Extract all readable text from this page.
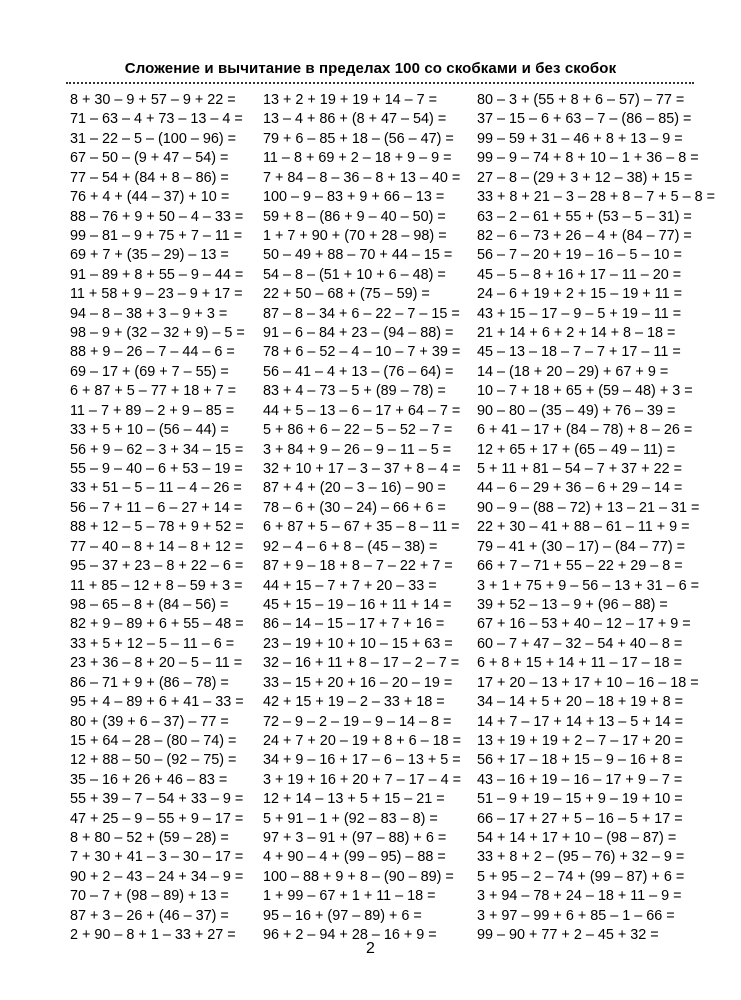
Сложение и вычитание в пределах 100 со скобками и без скобок
8 + 30 – 9 + 57 – 9 + 22 =
71 – 63 – 4 + 73 – 13 – 4 =
31 – 22 – 5 – (100 – 96) =
67 – 50 – (9 + 47 – 54) =
77 – 54 + (84 + 8 – 86) =
76 + 4 + (44 – 37) + 10 =
88 – 76 + 9 + 50 – 4 – 33 =
99 – 81 – 9 + 75 + 7 – 11 =
69 + 7 + (35 – 29) – 13 =
91 – 89 + 8 + 55 – 9 – 44 =
11 + 58 + 9 – 23 – 9 + 17 =
94 – 8 – 38 + 3 – 9 + 3 =
98 – 9 + (32 – 32 + 9) – 5 =
88 + 9 – 26 – 7 – 44 – 6 =
69 – 17 + (69 + 7 – 55) =
6 + 87 + 5 – 77 + 18 + 7 =
11 – 7 + 89 – 2 + 9 – 85 =
33 + 5 + 10 – (56 – 44) =
56 + 9 – 62 – 3 + 34 – 15 =
55 – 9 – 40 – 6 + 53 – 19 =
33 + 51 – 5 – 11 – 4 – 26 =
56 – 7 + 11 – 6 – 27 + 14 =
88 + 12 – 5 – 78 + 9 + 52 =
77 – 40 – 8 + 14 – 8 + 12 =
95 – 37 + 23 – 8 + 22 – 6 =
11 + 85 – 12 + 8 – 59 + 3 =
98 – 65 – 8 + (84 – 56) =
82 + 9 – 89 + 6 + 55 – 48 =
33 + 5 + 12 – 5 – 11 – 6 =
23 + 36 – 8 + 20 – 5 – 11 =
86 – 71 + 9 + (86 – 78) =
95 + 4 – 89 + 6 + 41 – 33 =
80 + (39 + 6 – 37) – 77 =
15 + 64 – 28 – (80 – 74) =
12 + 88 – 50 – (92 – 75) =
35 – 16 + 26 + 46 – 83 =
55 + 39 – 7 – 54 + 33 – 9 =
47 + 25 – 9 – 55 + 9 – 17 =
8 + 80 – 52 + (59 – 28) =
7 + 30 + 41 – 3 – 30 – 17 =
90 + 2 – 43 – 24 + 34 – 9 =
70 – 7 + (98 – 89) + 13 =
87 + 3 – 26 + (46 – 37) =
2 + 90 – 8 + 1 – 33 + 27 =
13 + 2 + 19 + 19 + 14 – 7 =
13 – 4 + 86 + (8 + 47 – 54) =
79 + 6 – 85 + 18 – (56 – 47) =
11 – 8 + 69 + 2 – 18 + 9 – 9 =
7 + 84 – 8 – 36 – 8 + 13 – 40 =
100 – 9 – 83 + 9 + 66 – 13 =
59 + 8 – (86 + 9 – 40 – 50) =
1 + 7 + 90 + (70 + 28 – 98) =
50 – 49 + 88 – 70 + 44 – 15 =
54 – 8 – (51 + 10 + 6 – 48) =
22 + 50 – 68 + (75 – 59) =
87 – 8 – 34 + 6 – 22 – 7 – 15 =
91 – 6 – 84 + 23 – (94 – 88) =
78 + 6 – 52 – 4 – 10 – 7 + 39 =
56 – 41 – 4 + 13 – (76 – 64) =
83 + 4 – 73 – 5 + (89 – 78) =
44 + 5 – 13 – 6 – 17 + 64 – 7 =
5 + 86 + 6 – 22 – 5 – 52 – 7 =
3 + 84 + 9 – 26 – 9 – 11 – 5 =
32 + 10 + 17 – 3 – 37 + 8 – 4 =
87 + 4 + (20 – 3 – 16) – 90 =
78 – 6 + (30 – 24) – 66 + 6 =
6 + 87 + 5 – 67 + 35 – 8 – 11 =
92 – 4 – 6 + 8 – (45 – 38) =
87 + 9 – 18 + 8 – 7 – 22 + 7 =
44 + 15 – 7 + 7 + 20 – 33 =
45 + 15 – 19 – 16 + 11 + 14 =
86 – 14 – 15 – 17 + 7 + 16 =
23 – 19 + 10 + 10 – 15 + 63 =
32 – 16 + 11 + 8 – 17 – 2 – 7 =
33 – 15 + 20 + 16 – 20 – 19 =
42 + 15 + 19 – 2 – 33 + 18 =
72 – 9 – 2 – 19 – 9 – 14 – 8 =
24 + 7 + 20 – 19 + 8 + 6 – 18 =
34 + 9 – 16 + 17 – 6 – 13 + 5 =
3 + 19 + 16 + 20 + 7 – 17 – 4 =
12 + 14 – 13 + 5 + 15 – 21 =
5 + 91 – 1 + (92 – 83 – 8) =
97 + 3 – 91 + (97 – 88) + 6 =
4 + 90 – 4 + (99 – 95) – 88 =
100 – 88 + 9 + 8 – (90 – 89) =
1 + 99 – 67 + 1 + 11 – 18 =
95 – 16 + (97 – 89) + 6 =
96 + 2 – 94 + 28 – 16 + 9 =
80 – 3 + (55 + 8 + 6 – 57) – 77 =
37 – 15 – 6 + 63 – 7 – (86 – 85) =
99 – 59 + 31 – 46 + 8 + 13 – 9 =
99 – 9 – 74 + 8 + 10 – 1 + 36 – 8 =
27 – 8 – (29 + 3 + 12 – 38) + 15 =
33 + 8 + 21 – 3 – 28 + 8 – 7 + 5 – 8 =
63 – 2 – 61 + 55 + (53 – 5 – 31) =
82 – 6 – 73 + 26 – 4 + (84 – 77) =
56 – 7 – 20 + 19 – 16 – 5 – 10 =
45 – 5 – 8 + 16 + 17 – 11 – 20 =
24 – 6 + 19 + 2 + 15 – 19 + 11 =
43 + 15 – 17 – 9 – 5 + 19 – 11 =
21 + 14 + 6 + 2 + 14 + 8 – 18 =
45 – 13 – 18 – 7 – 7 + 17 – 11 =
14 – (18 + 20 – 29) + 67 + 9 =
10 – 7 + 18 + 65 + (59 – 48) + 3 =
90 – 80 – (35 – 49) + 76 – 39 =
6 + 41 – 17 + (84 – 78) + 8 – 26 =
12 + 65 + 17 + (65 – 49 – 11) =
5 + 11 + 81 – 54 – 7 + 37 + 22 =
44 – 6 – 29 + 36 – 6 + 29 – 14 =
90 – 9 – (88 – 72) + 13 – 21 – 31 =
22 + 30 – 41 + 88 – 61 – 11 + 9 =
79 – 41 + (30 – 17) – (84 – 77) =
66 + 7 – 71 + 55 – 22 + 29 – 8 =
3 + 1 + 75 + 9 – 56 – 13 + 31 – 6 =
39 + 52 – 13 – 9 + (96 – 88) =
67 + 16 – 53 + 40 – 12 – 17 + 9 =
60 – 7 + 47 – 32 – 54 + 40 – 8 =
6 + 8 + 15 + 14 + 11 – 17 – 18 =
17 + 20 – 13 + 17 + 10 – 16 – 18 =
34 – 14 + 5 + 20 – 18 + 19 + 8 =
14 + 7 – 17 + 14 + 13 – 5 + 14 =
13 + 19 + 19 + 2 – 7 – 17 + 20 =
56 + 17 – 18 + 15 – 9 – 16 + 8 =
43 – 16 + 19 – 16 – 17 + 9 – 7 =
51 – 9 + 19 – 15 + 9 – 19 + 10 =
66 – 17 + 27 + 5 – 16 – 5 + 17 =
54 + 14 + 17 + 10 – (98 – 87) =
33 + 8 + 2 – (95 – 76) + 32 – 9 =
5 + 95 – 2 – 74 + (99 – 87) + 6 =
3 + 94 – 78 + 24 – 18 + 11 – 9 =
3 + 97 – 99 + 6 + 85 – 1 – 66 =
99 – 90 + 77 + 2 – 45 + 32 =
2
